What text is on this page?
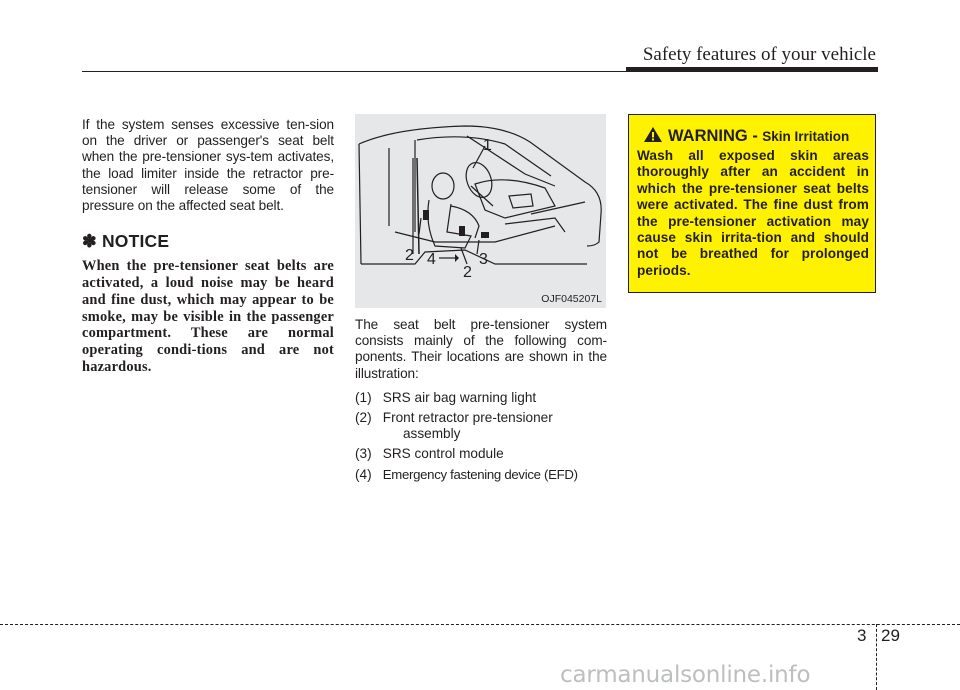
Safety features of your vehicle

If the system senses excessive ten-sion on the driver or passenger's seat belt when the pre-tensioner sys-tem activates, the load limiter inside the retractor pre-tensioner will release some of the pressure on the affected seat belt.

✽ NOTICE

When the pre-tensioner seat belts are activated, a loud noise may be heard and fine dust, which may appear to be smoke, may be visible in the passenger compartment. These are normal operating condi-tions and are not hazardous.

1
2 4	3
2
OJF045207L

The seat belt pre-tensioner system consists mainly of the following com-ponents. Their locations are shown in the illustration:

(1) SRS air bag warning light
(2) Front retractor pre-tensioner
assembly
(3) SRS control module
(4) Emergency fastening device (EFD)
WARNING - Skin Irritation
Wash all exposed skin areas thoroughly after an accident in which the pre-tensioner seat belts were activated. The fine dust from the pre-tensioner activation may cause skin irrita-tion and should not be breathed for prolonged periods.
3 29
carmanualsonline.info
